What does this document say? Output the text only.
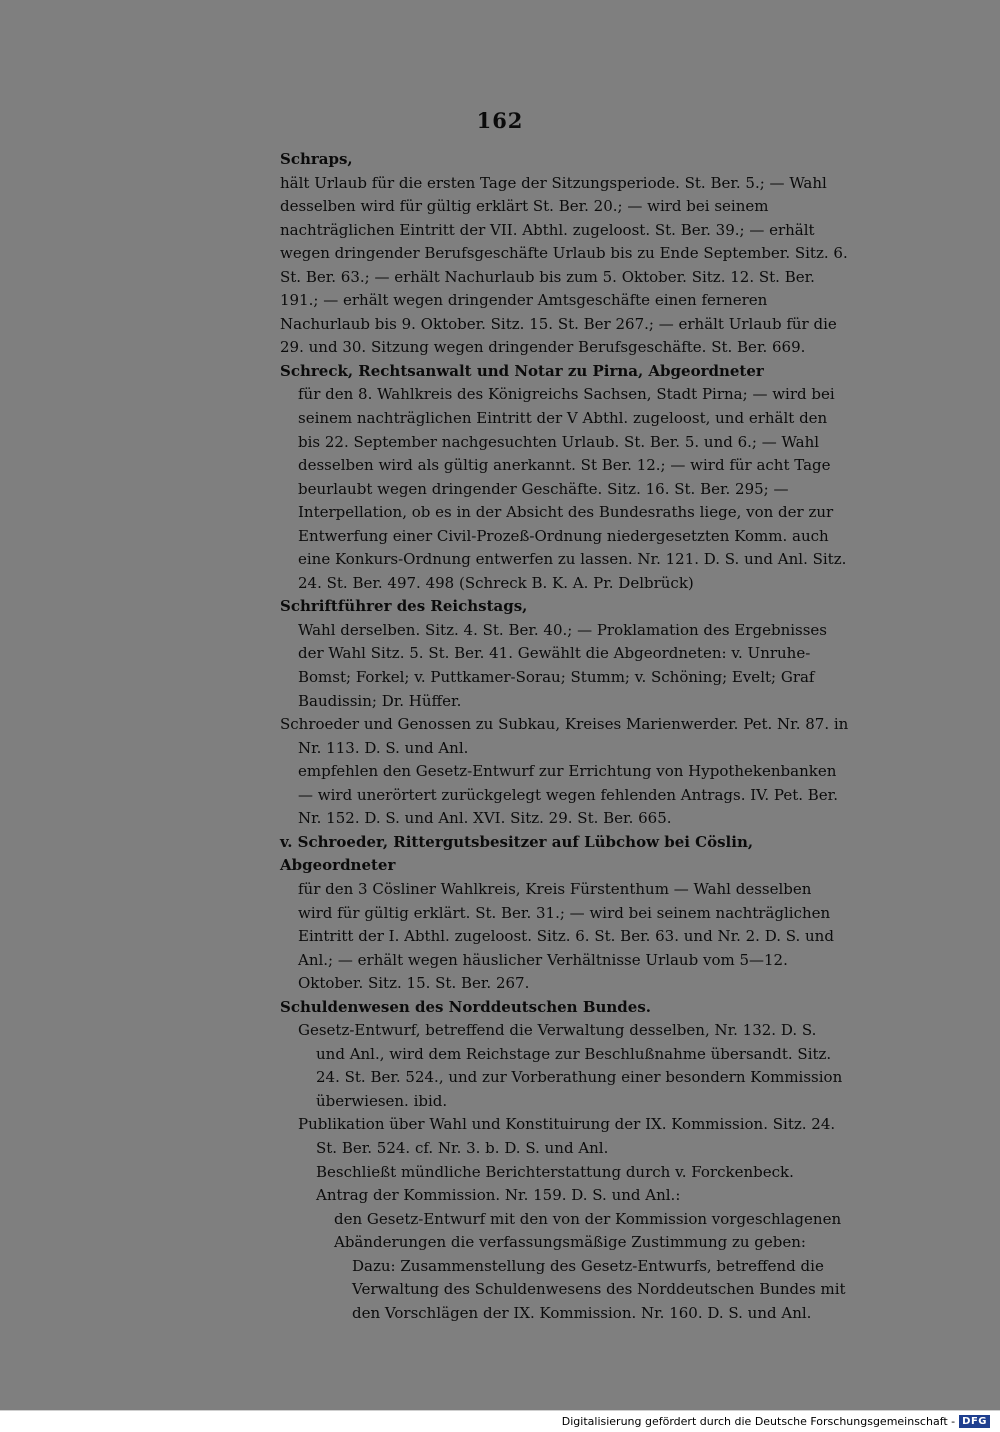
162

Schraps,

hält Urlaub für die ersten Tage der Sitzungsperiode. St. Ber. 5.; — Wahl desselben wird für gültig erklärt St. Ber. 20.; — wird bei seinem nachträglichen Eintritt der VII. Abthl. zugeloost. St. Ber. 39.; — erhält wegen dringender Berufsgeschäfte Urlaub bis zu Ende September. Sitz. 6. St. Ber. 63.; — erhält Nachurlaub bis zum 5. Oktober. Sitz. 12. St. Ber. 191.; — erhält wegen dringender Amtsgeschäfte einen ferneren Nachurlaub bis 9. Oktober. Sitz. 15. St. Ber 267.; — erhält Urlaub für die 29. und 30. Sitzung wegen dringender Berufsgeschäfte. St. Ber. 669.

Schreck, Rechtsanwalt und Notar zu Pirna, Abgeordneter

für den 8. Wahlkreis des Königreichs Sachsen, Stadt Pirna; — wird bei seinem nachträglichen Eintritt der V Abthl. zugeloost, und erhält den bis 22. September nachgesuchten Urlaub. St. Ber. 5. und 6.; — Wahl desselben wird als gültig anerkannt. St Ber. 12.; — wird für acht Tage beurlaubt wegen dringender Geschäfte. Sitz. 16. St. Ber. 295; — Interpellation, ob es in der Absicht des Bundesraths liege, von der zur Entwerfung einer Civil-Prozeß-Ordnung niedergesetzten Komm. auch eine Konkurs-Ordnung entwerfen zu lassen. Nr. 121. D. S. und Anl. Sitz. 24. St. Ber. 497. 498 (Schreck B. K. A. Pr. Delbrück)

Schriftführer des Reichstags,

Wahl derselben. Sitz. 4. St. Ber. 40.; — Proklamation des Ergebnisses der Wahl Sitz. 5. St. Ber. 41. Gewählt die Abgeordneten: v. Unruhe-Bomst; Forkel; v. Puttkamer-Sorau; Stumm; v. Schöning; Evelt; Graf Baudissin; Dr. Hüffer.

Schroeder und Genossen zu Subkau, Kreises Marienwerder. Pet. Nr. 87. in Nr. 113. D. S. und Anl.

empfehlen den Gesetz-Entwurf zur Errichtung von Hypothekenbanken — wird unerörtert zurückgelegt wegen fehlenden Antrags. IV. Pet. Ber. Nr. 152. D. S. und Anl. XVI. Sitz. 29. St. Ber. 665.

v. Schroeder, Rittergutsbesitzer auf Lübchow bei Cöslin, Abgeordneter

für den 3 Cösliner Wahlkreis, Kreis Fürstenthum — Wahl desselben wird für gültig erklärt. St. Ber. 31.; — wird bei seinem nachträglichen Eintritt der I. Abthl. zugeloost. Sitz. 6. St. Ber. 63. und Nr. 2. D. S. und Anl.; — erhält wegen häuslicher Verhältnisse Urlaub vom 5—12. Oktober. Sitz. 15. St. Ber. 267.

Schuldenwesen des Norddeutschen Bundes.

Gesetz-Entwurf, betreffend die Verwaltung desselben, Nr. 132. D. S. und Anl., wird dem Reichstage zur Beschlußnahme übersandt. Sitz. 24. St. Ber. 524., und zur Vorberathung einer besondern Kommission überwiesen. ibid.

Publikation über Wahl und Konstituirung der IX. Kommission. Sitz. 24. St. Ber. 524. cf. Nr. 3. b. D. S. und Anl.

Beschließt mündliche Berichterstattung durch v. Forckenbeck.

Antrag der Kommission. Nr. 159. D. S. und Anl.:

den Gesetz-Entwurf mit den von der Kommission vorgeschlagenen Abänderungen die verfassungsmäßige Zustimmung zu geben:

Dazu: Zusammenstellung des Gesetz-Entwurfs, betreffend die Verwaltung des Schuldenwesens des Norddeutschen Bundes mit den Vorschlägen der IX. Kommission. Nr. 160. D. S. und Anl.

Digitalisierung gefördert durch die Deutsche Forschungsgemeinschaft - DFG
